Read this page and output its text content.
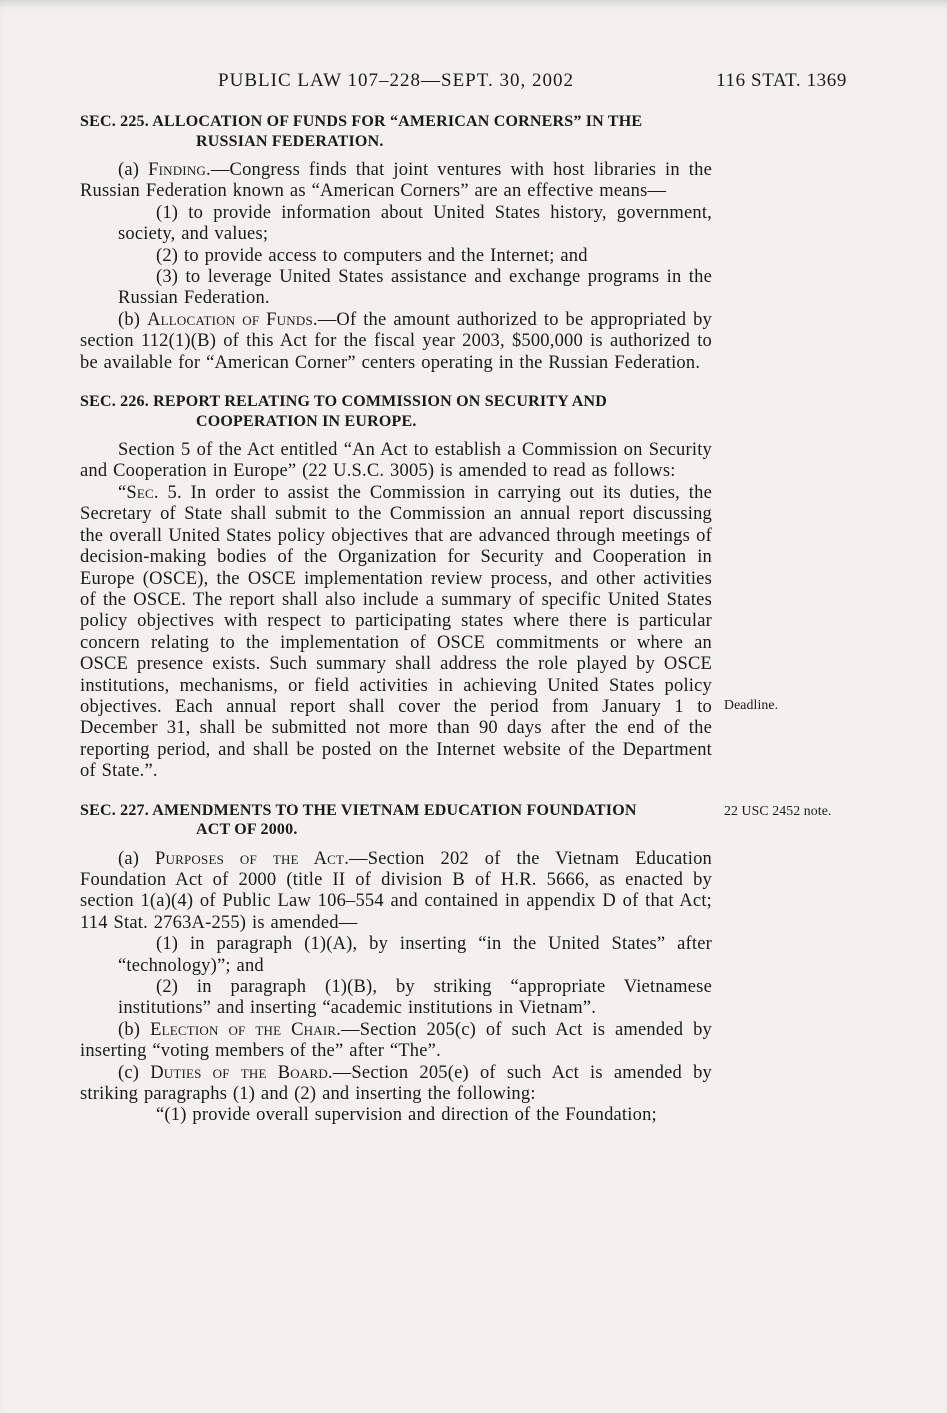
PUBLIC LAW 107–228—SEPT. 30, 2002	116 STAT. 1369
SEC. 225. ALLOCATION OF FUNDS FOR “AMERICAN CORNERS” IN THE
RUSSIAN FEDERATION.

(a) Finding.—Congress finds that joint ventures with host libraries in the Russian Federation known as “American Corners” are an effective means—

(1) to provide information about United States history, government, society, and values;

(2) to provide access to computers and the Internet; and

(3) to leverage United States assistance and exchange programs in the Russian Federation.

(b) Allocation of Funds.—Of the amount authorized to be appropriated by section 112(1)(B) of this Act for the fiscal year 2003, $500,000 is authorized to be available for “American Corner” centers operating in the Russian Federation.

SEC. 226. REPORT RELATING TO COMMISSION ON SECURITY AND
COOPERATION IN EUROPE.

Section 5 of the Act entitled “An Act to establish a Commission on Security and Cooperation in Europe” (22 U.S.C. 3005) is amended to read as follows:

Deadline.
“Sec. 5. In order to assist the Commission in carrying out its duties, the Secretary of State shall submit to the Commission an annual report discussing the overall United States policy objectives that are advanced through meetings of decision-making bodies of the Organization for Security and Cooperation in Europe (OSCE), the OSCE implementation review process, and other activities of the OSCE. The report shall also include a summary of specific United States policy objectives with respect to participating states where there is particular concern relating to the implementation of OSCE commitments or where an OSCE presence exists. Such summary shall address the role played by OSCE institutions, mechanisms, or field activities in achieving United States policy objectives. Each annual report shall cover the period from January 1 to December 31, shall be submitted not more than 90 days after the end of the reporting period, and shall be posted on the Internet website of the Department of State.”.

22 USC 2452 note.
SEC. 227. AMENDMENTS TO THE VIETNAM EDUCATION FOUNDATION
ACT OF 2000.

(a) Purposes of the Act.—Section 202 of the Vietnam Education Foundation Act of 2000 (title II of division B of H.R. 5666, as enacted by section 1(a)(4) of Public Law 106–554 and contained in appendix D of that Act; 114 Stat. 2763A-255) is amended—

(1) in paragraph (1)(A), by inserting “in the United States” after “technology)”; and

(2) in paragraph (1)(B), by striking “appropriate Vietnamese institutions” and inserting “academic institutions in Vietnam”.

(b) Election of the Chair.—Section 205(c) of such Act is amended by inserting “voting members of the” after “The”.

(c) Duties of the Board.—Section 205(e) of such Act is amended by striking paragraphs (1) and (2) and inserting the following:

“(1) provide overall supervision and direction of the Foundation;
